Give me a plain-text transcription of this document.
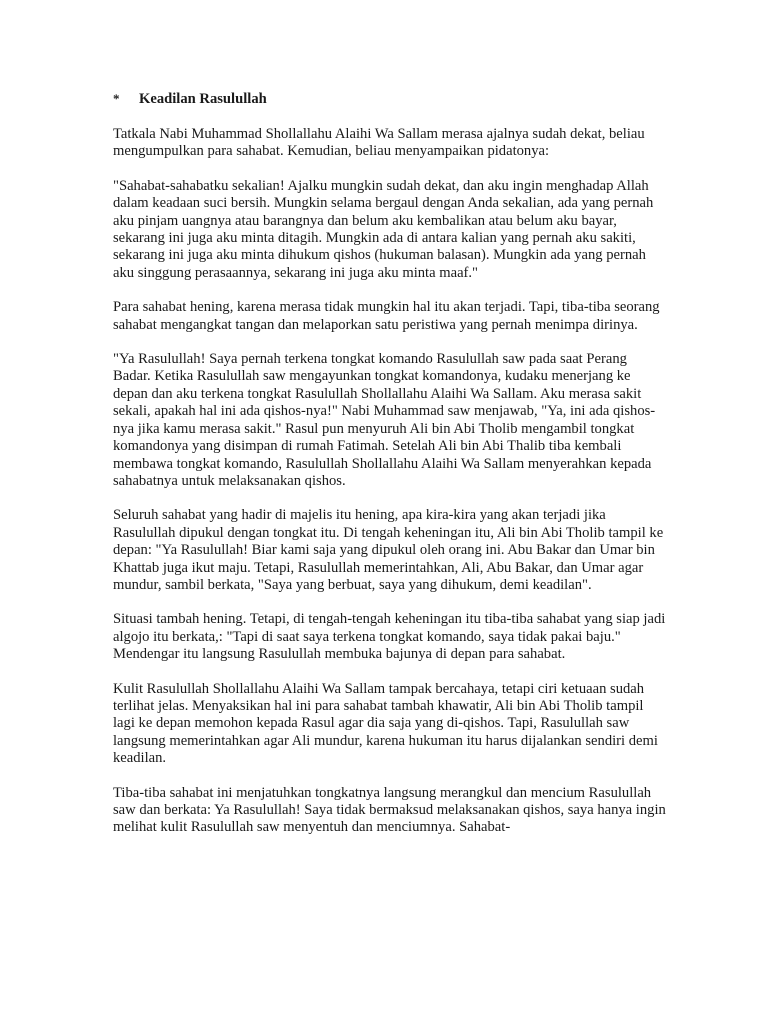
*	Keadilan Rasulullah

Tatkala Nabi Muhammad Shollallahu Alaihi Wa Sallam merasa ajalnya sudah dekat, beliau mengumpulkan para sahabat. Kemudian, beliau menyampaikan pidatonya:

"Sahabat-sahabatku sekalian! Ajalku mungkin sudah dekat, dan aku ingin menghadap Allah dalam keadaan suci bersih. Mungkin selama bergaul dengan Anda sekalian, ada yang pernah aku pinjam uangnya atau barangnya dan belum aku kembalikan atau belum aku bayar, sekarang ini juga aku minta ditagih. Mungkin ada di antara kalian yang pernah aku sakiti, sekarang ini juga aku minta dihukum qishos (hukuman balasan). Mungkin ada yang pernah aku singgung perasaannya, sekarang ini juga aku minta maaf."

Para sahabat hening, karena merasa tidak mungkin hal itu akan terjadi. Tapi, tiba-tiba seorang sahabat mengangkat tangan dan melaporkan satu peristiwa yang pernah menimpa dirinya.

"Ya Rasulullah! Saya pernah terkena tongkat komando Rasulullah saw pada saat Perang Badar. Ketika Rasulullah saw mengayunkan tongkat komandonya, kudaku menerjang ke depan dan aku terkena tongkat Rasulullah Shollallahu Alaihi Wa Sallam. Aku merasa sakit sekali, apakah hal ini ada qishos-nya!" Nabi Muhammad saw menjawab, "Ya, ini ada qishos-nya jika kamu merasa sakit." Rasul pun menyuruh Ali bin Abi Tholib mengambil tongkat komandonya yang disimpan di rumah Fatimah. Setelah Ali bin Abi Thalib tiba kembali membawa tongkat komando, Rasulullah Shollallahu Alaihi Wa Sallam menyerahkan kepada sahabatnya untuk melaksanakan qishos.

Seluruh sahabat yang hadir di majelis itu hening, apa kira-kira yang akan terjadi jika Rasulullah dipukul dengan tongkat itu. Di tengah keheningan itu, Ali bin Abi Tholib tampil ke depan: "Ya Rasulullah! Biar kami saja yang dipukul oleh orang ini. Abu Bakar dan Umar bin Khattab juga ikut maju. Tetapi, Rasulullah memerintahkan, Ali, Abu Bakar, dan Umar agar mundur, sambil berkata, "Saya yang berbuat, saya yang dihukum, demi keadilan".

Situasi tambah hening. Tetapi, di tengah-tengah keheningan itu tiba-tiba sahabat yang siap jadi algojo itu berkata,: "Tapi di saat saya terkena tongkat komando, saya tidak pakai baju." Mendengar itu langsung Rasulullah membuka bajunya di depan para sahabat.

Kulit Rasulullah Shollallahu Alaihi Wa Sallam tampak bercahaya, tetapi ciri ketuaan sudah terlihat jelas. Menyaksikan hal ini para sahabat tambah khawatir, Ali bin Abi Tholib tampil lagi ke depan memohon kepada Rasul agar dia saja yang di-qishos. Tapi, Rasulullah saw langsung memerintahkan agar Ali mundur, karena hukuman itu harus dijalankan sendiri demi keadilan.

Tiba-tiba sahabat ini menjatuhkan tongkatnya langsung merangkul dan mencium Rasulullah saw dan berkata: Ya Rasulullah! Saya tidak bermaksud melaksanakan qishos, saya hanya ingin melihat kulit Rasulullah saw menyentuh dan menciumnya. Sahabat-
